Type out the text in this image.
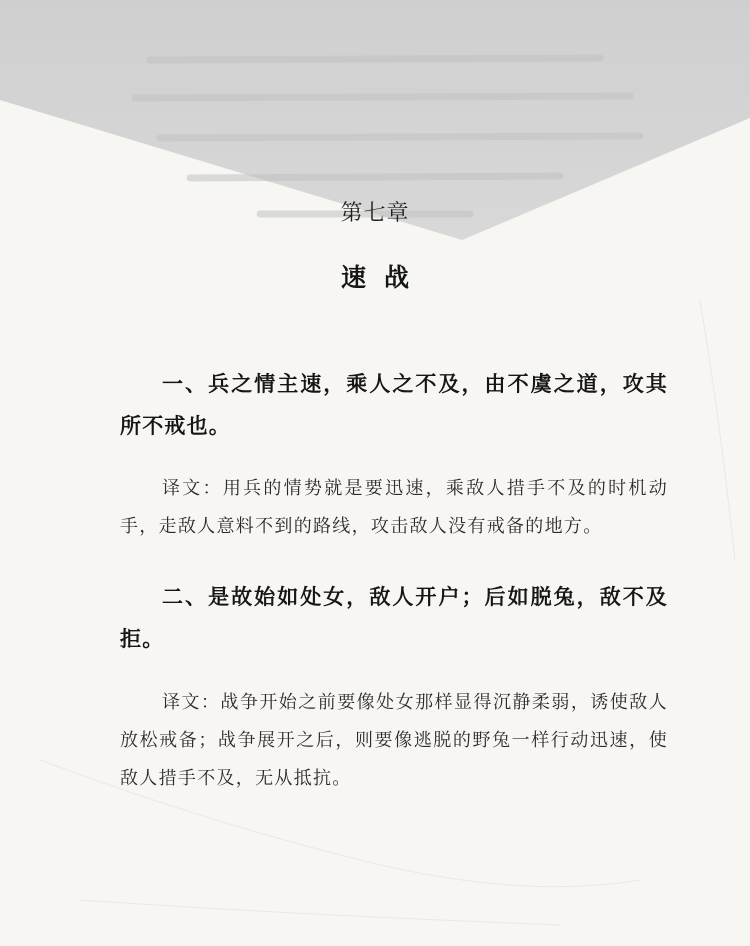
第七章
速战
一、兵之情主速，乘人之不及，由不虞之道，攻其所不戒也。
译文：用兵的情势就是要迅速，乘敌人措手不及的时机动手，走敌人意料不到的路线，攻击敌人没有戒备的地方。
二、是故始如处女，敌人开户；后如脱兔，敌不及拒。
译文：战争开始之前要像处女那样显得沉静柔弱，诱使敌人放松戒备；战争展开之后，则要像逃脱的野兔一样行动迅速，使敌人措手不及，无从抵抗。
